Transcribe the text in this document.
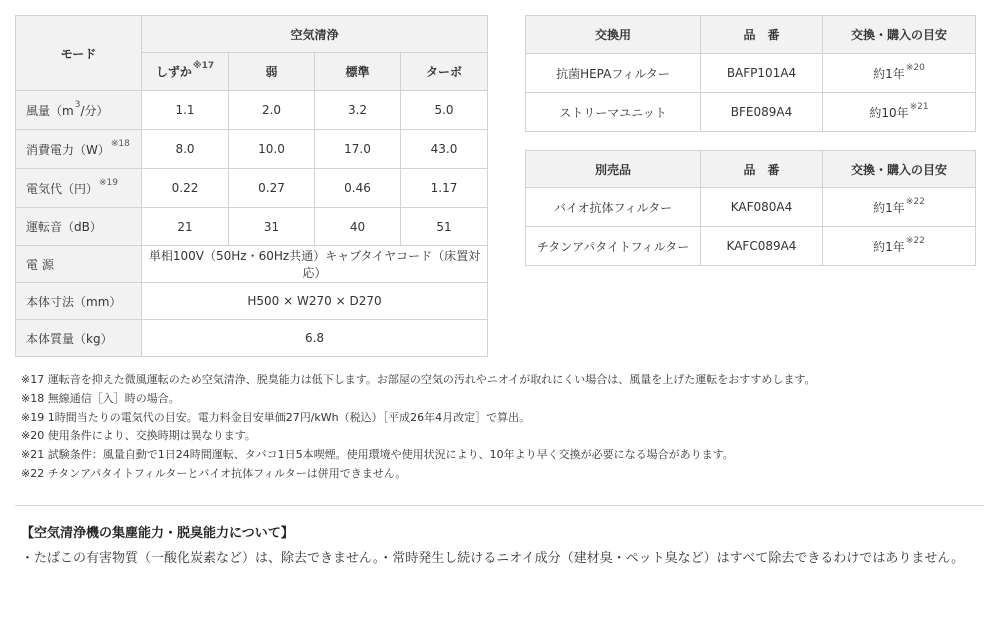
モード	空気清浄			
	しずか$^{※17}$	弱	標準	ターボ
風量（$m^3/$分）	1.1	2.0	3.2	5.0
消費電力$(W)^{※18}$	8.0	10.0	17.0	43.0
電気代（円）$^{※19}$	0.22	0.27	0.46	1.17
運転音（dB）	21	31	40	51
電 源	単相100V（50Hz・60Hz共通）キャブタイヤコード（床置対応）			
本体寸法（mm）	H500 × W270 × D270			
本体質量（kg）	6.8			
交換用	品　番	交換・購入の目安
抗菌HEPAフィルター	BAFP101A4	約1年$^{※20}$
ストリーマユニット	BFE089A4	約10年$^{※21}$
別売品	品　番	交換・購入の目安
バイオ抗体フィルター	KAF080A4	約1年$^{※22}$
チタンアパタイトフィルター	KAFC089A4	約1年$^{※22}$
※17 運転音を抑えた微風運転のため空気清浄、脱臭能力は低下します。お部屋の空気の汚れやニオイが取れにくい場合は、風量を上げた運転をおすすめします。
※18 無線通信［入］時の場合。
※19 1時間当たりの電気代の目安。電力料金目安単価27円/kWh（税込）［平成26年4月改定］で算出。
※20 使用条件により、交換時期は異なります。
※21 試験条件：風量自動で1日24時間運転、タバコ1日5本喫煙。使用環境や使用状況により、10年より早く交換が必要になる場合があります。
※22 チタンアパタイトフィルターとバイオ抗体フィルターは併用できません。
【空気清浄機の集塵能力・脱臭能力について】
・たばこの有害物質（一酸化炭素など）は、除去できません。・常時発生し続けるニオイ成分（建材臭・ペット臭など）はすべて除去できるわけではありません。
